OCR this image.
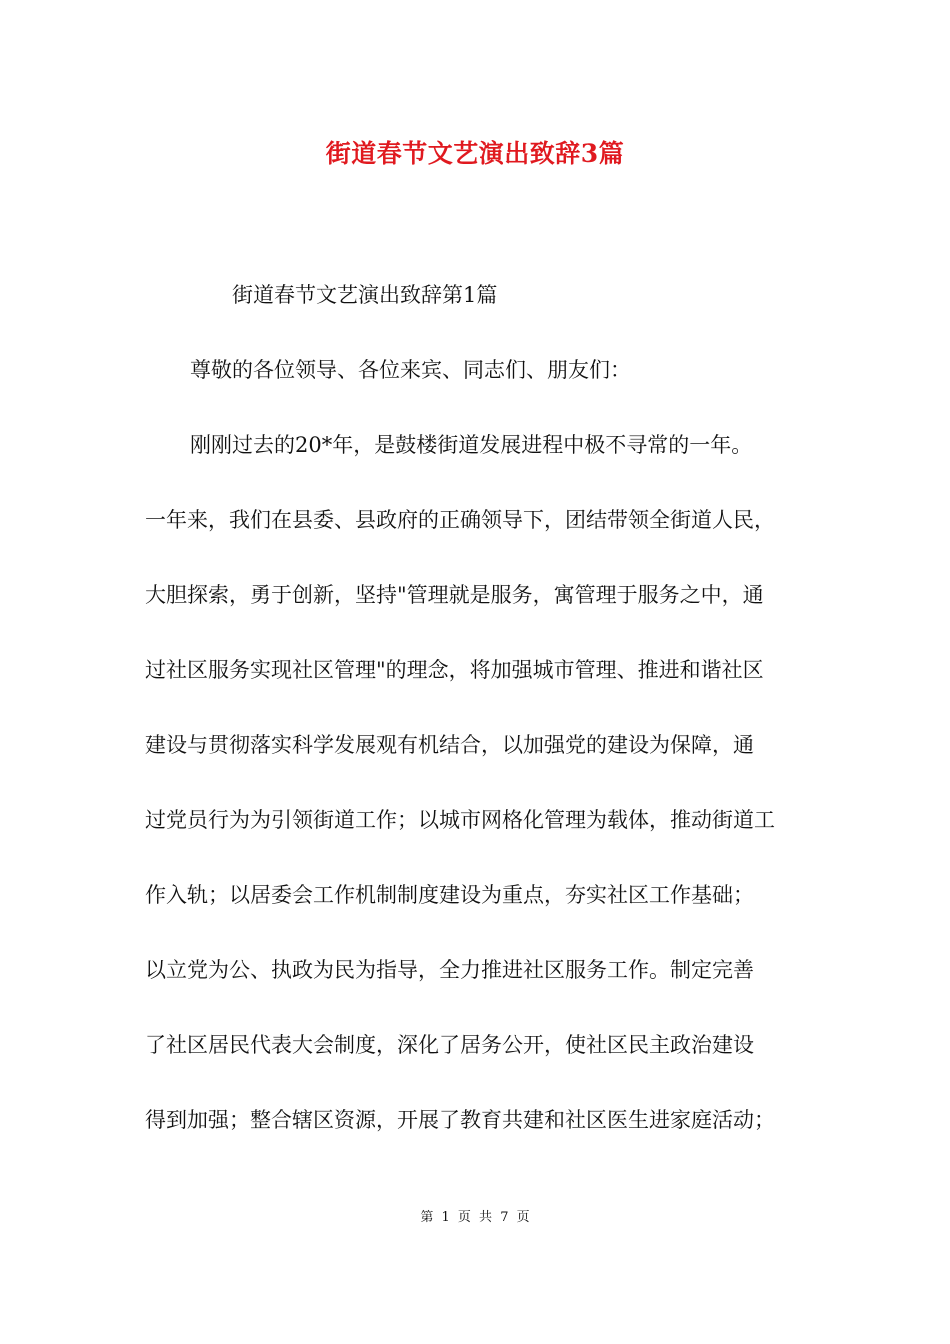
街道春节文艺演出致辞3篇

街道春节文艺演出致辞第1篇

尊敬的各位领导、各位来宾、同志们、朋友们：

刚刚过去的20*年，是鼓楼街道发展进程中极不寻常的一年。

一年来，我们在县委、县政府的正确领导下，团结带领全街道人民，

大胆探索，勇于创新，坚持"管理就是服务，寓管理于服务之中，通

过社区服务实现社区管理"的理念，将加强城市管理、推进和谐社区

建设与贯彻落实科学发展观有机结合，以加强党的建设为保障，通

过党员行为为引领街道工作；以城市网格化管理为载体，推动街道工

作入轨；以居委会工作机制制度建设为重点，夯实社区工作基础；

以立党为公、执政为民为指导，全力推进社区服务工作。制定完善

了社区居民代表大会制度，深化了居务公开，使社区民主政治建设

得到加强；整合辖区资源，开展了教育共建和社区医生进家庭活动；

第 1 页 共 7 页
